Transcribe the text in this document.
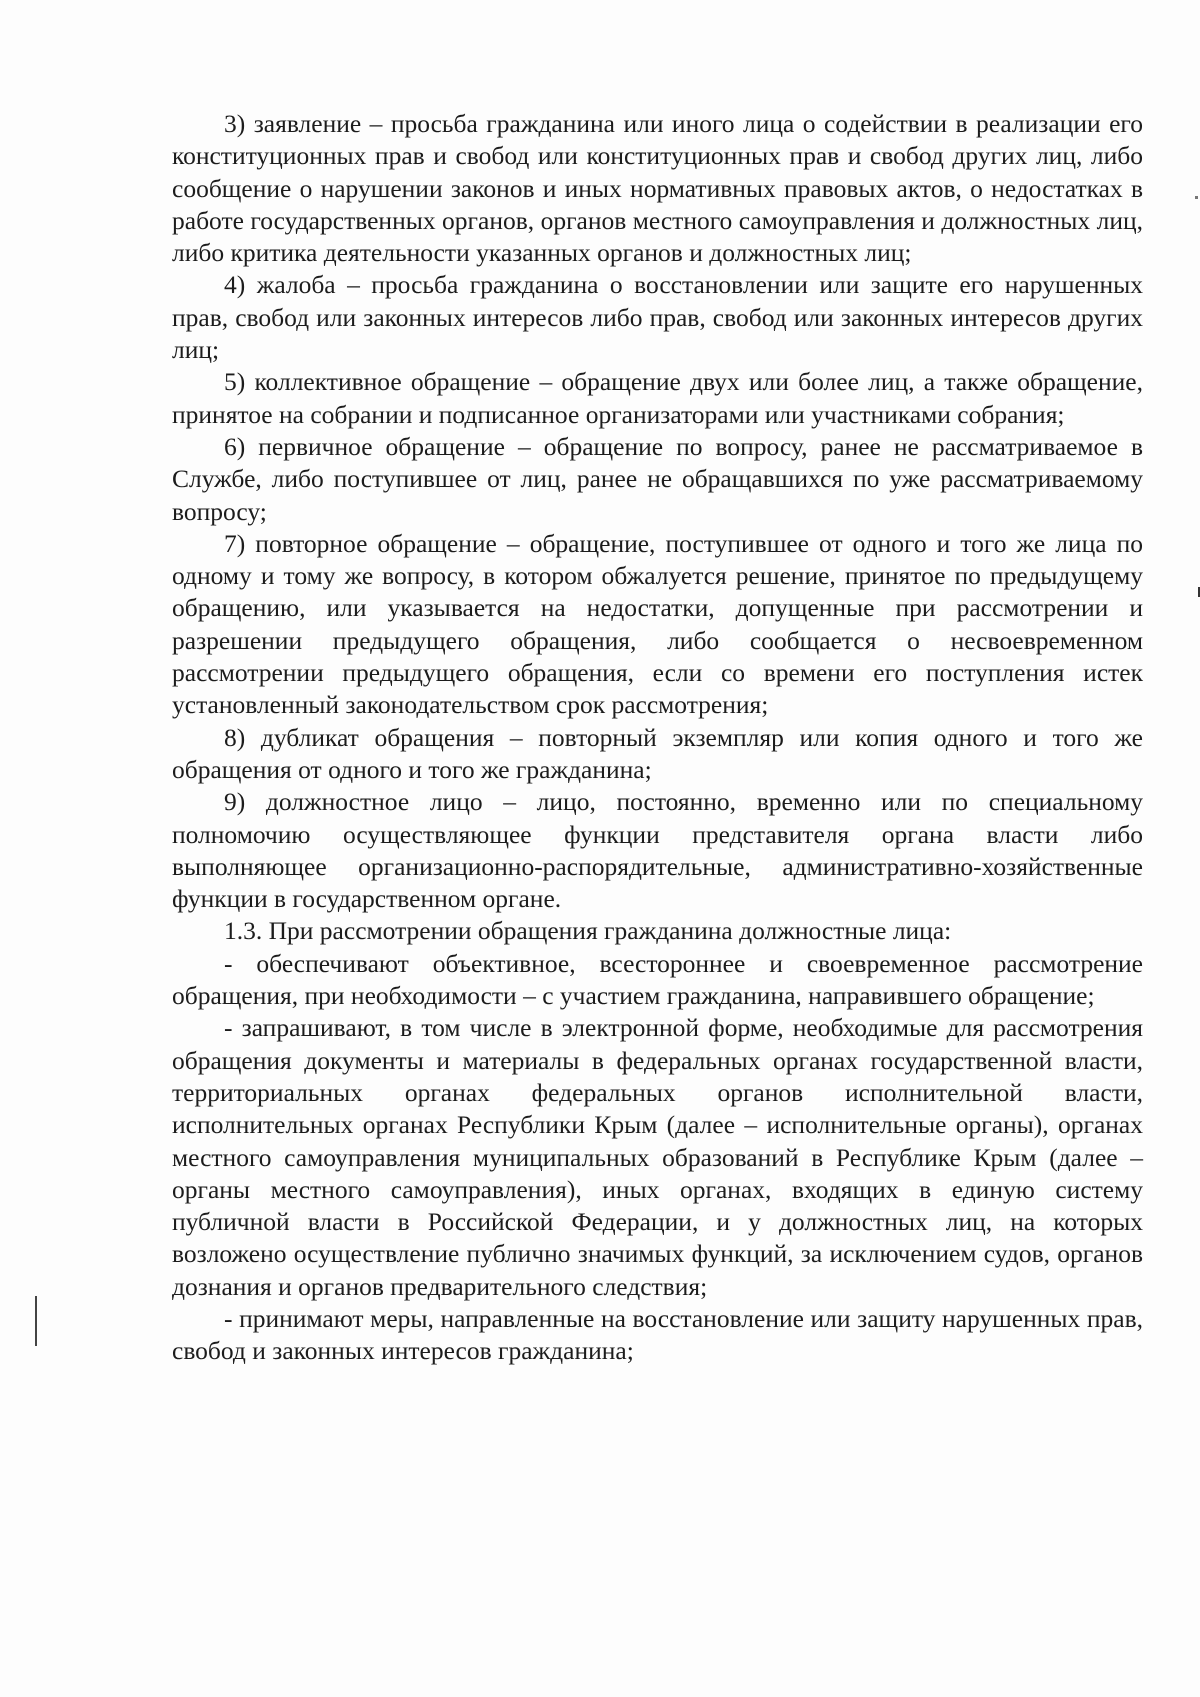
3) заявление – просьба гражданина или иного лица о содействии в реализации его конституционных прав и свобод или конституционных прав и свобод других лиц, либо сообщение о нарушении законов и иных нормативных правовых актов, о недостатках в работе государственных органов, органов местного самоуправления и должностных лиц, либо критика деятельности указанных органов и должностных лиц;

4) жалоба – просьба гражданина о восстановлении или защите его нарушенных прав, свобод или законных интересов либо прав, свобод или законных интересов других лиц;

5) коллективное обращение – обращение двух или более лиц, а также обращение, принятое на собрании и подписанное организаторами или участниками собрания;

6) первичное обращение – обращение по вопросу, ранее не рассматриваемое в Службе, либо поступившее от лиц, ранее не обращавшихся по уже рассматриваемому вопросу;

7) повторное обращение – обращение, поступившее от одного и того же лица по одному и тому же вопросу, в котором обжалуется решение, принятое по предыдущему обращению, или указывается на недостатки, допущенные при рассмотрении и разрешении предыдущего обращения, либо сообщается о несвоевременном рассмотрении предыдущего обращения, если со времени его поступления истек установленный законодательством срок рассмотрения;

8) дубликат обращения – повторный экземпляр или копия одного и того же обращения от одного и того же гражданина;

9) должностное лицо – лицо, постоянно, временно или по специальному полномочию осуществляющее функции представителя органа власти либо выполняющее организационно-распорядительные, административно-хозяйственные функции в государственном органе.

1.3. При рассмотрении обращения гражданина должностные лица:

- обеспечивают объективное, всестороннее и своевременное рассмотрение обращения, при необходимости – с участием гражданина, направившего обращение;

- запрашивают, в том числе в электронной форме, необходимые для рассмотрения обращения документы и материалы в федеральных органах государственной власти, территориальных органах федеральных органов исполнительной власти, исполнительных органах Республики Крым (далее – исполнительные органы), органах местного самоуправления муниципальных образований в Республике Крым (далее – органы местного самоуправления), иных органах, входящих в единую систему публичной власти в Российской Федерации, и у должностных лиц, на которых возложено осуществление публично значимых функций, за исключением судов, органов дознания и органов предварительного следствия;

- принимают меры, направленные на восстановление или защиту нарушенных прав, свобод и законных интересов гражданина;
